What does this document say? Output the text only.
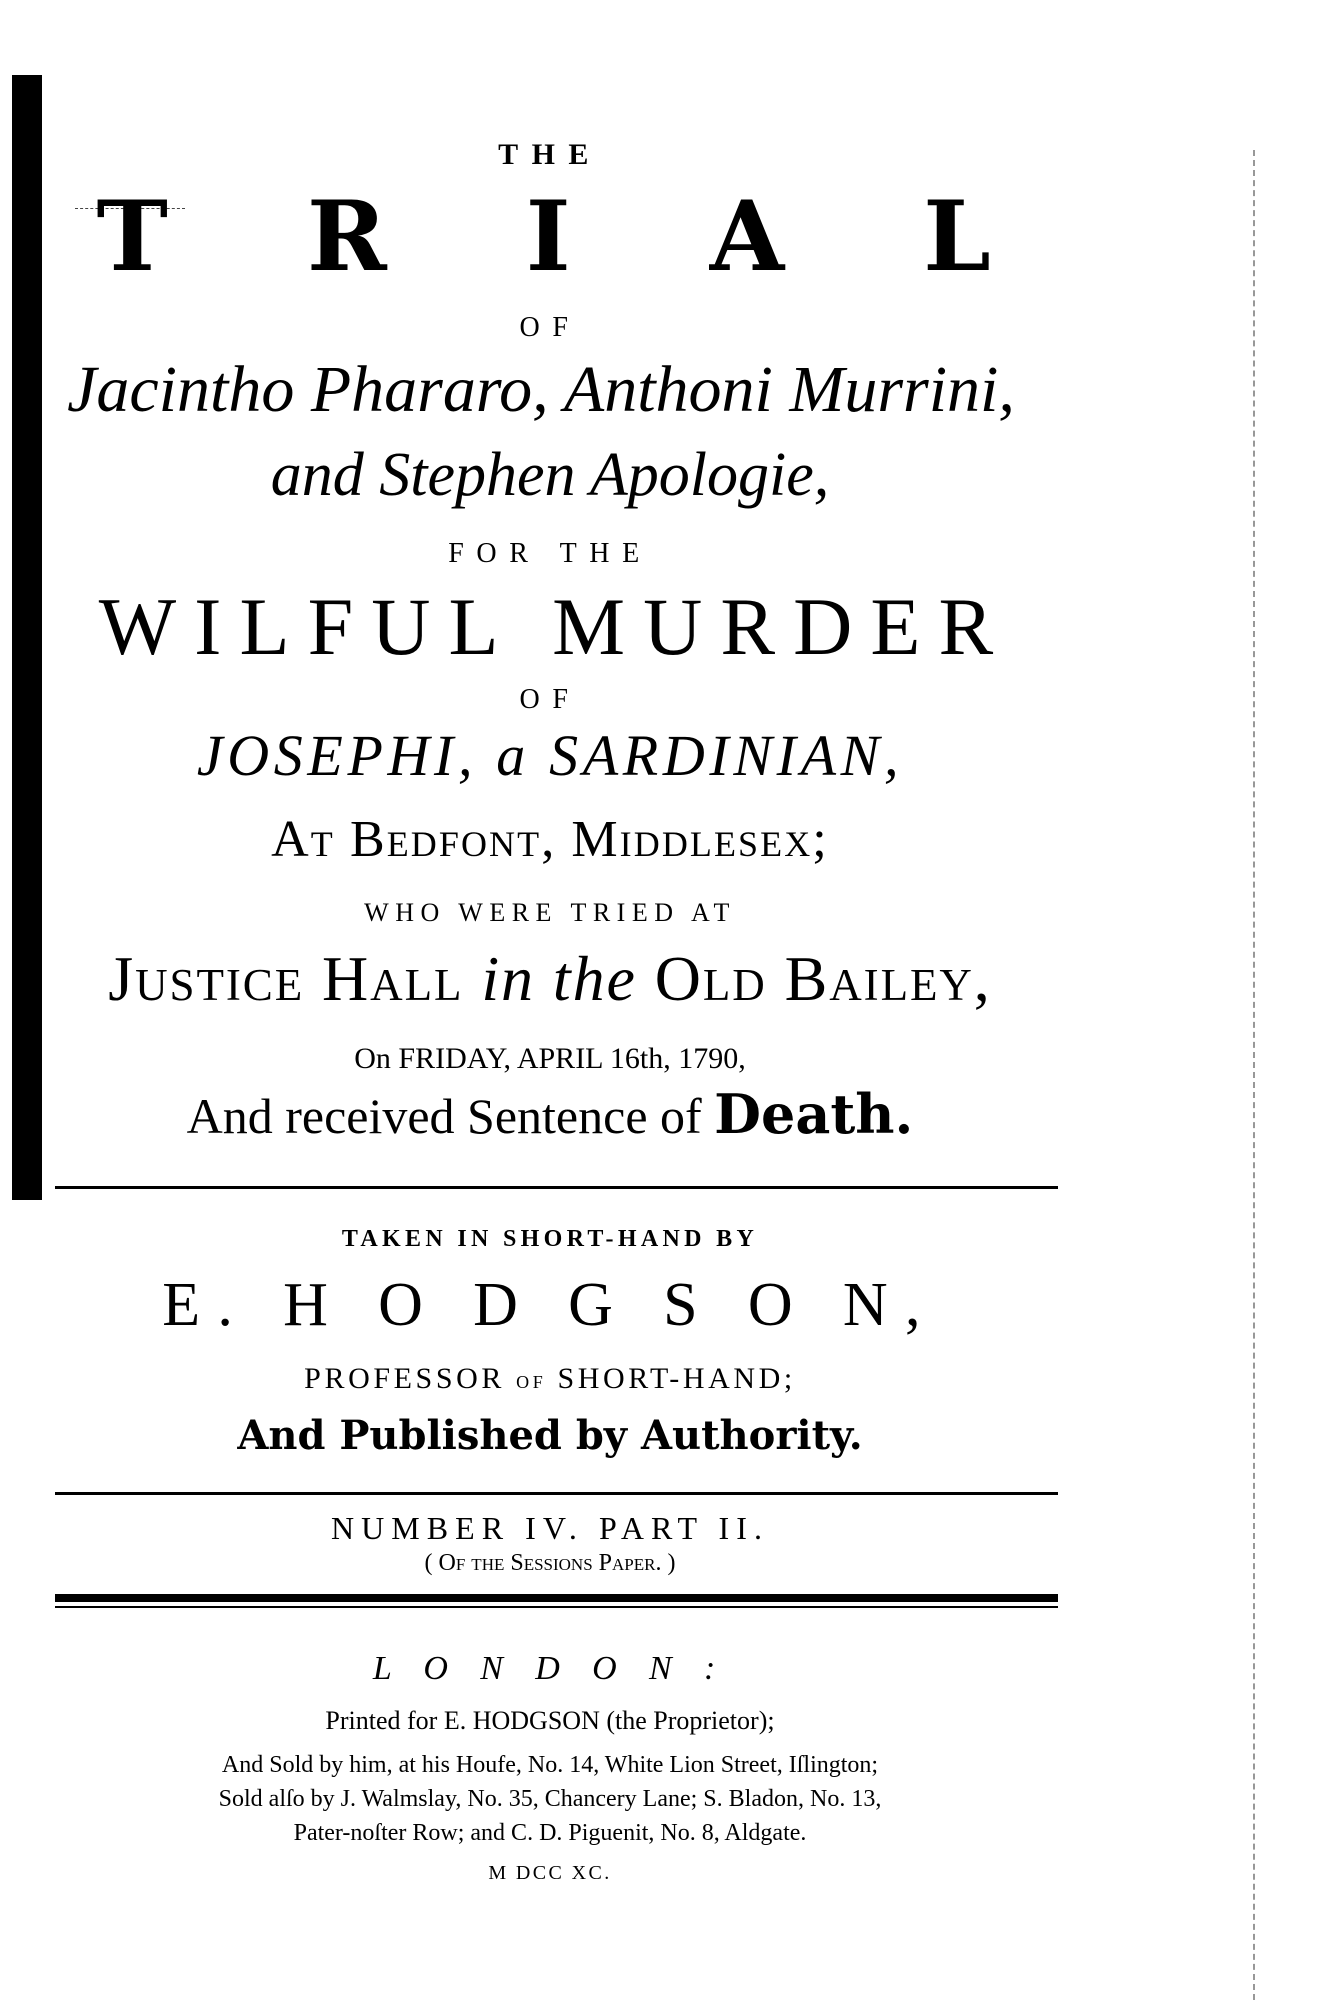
THE
T R I A L
OF
Jacintho Phararo, Anthoni Murrini,
and Stephen Apologie,
FOR THE
WILFUL MURDER
OF
JOSEPHI, a SARDINIAN,
At Bedfont, Middlesex;
WHO WERE TRIED AT
Justice Hall in the Old Bailey,
On FRIDAY, APRIL 16th, 1790,
And received Sentence of Death.
TAKEN IN SHORT-HAND BY
E. H O D G S O N,
PROFESSOR OF SHORT-HAND;
And Published by Authority.
NUMBER IV. PART II.
( Of the Sessions Paper. )
L O N D O N :
Printed for E. HODGSON (the Proprietor);
And Sold by him, at his Houfe, No. 14, White Lion Street, Iſlington;
Sold alſo by J. Walmslay, No. 35, Chancery Lane; S. Bladon, No. 13,
Pater-noſter Row; and C. D. Piguenit, No. 8, Aldgate.
M DCC XC.
